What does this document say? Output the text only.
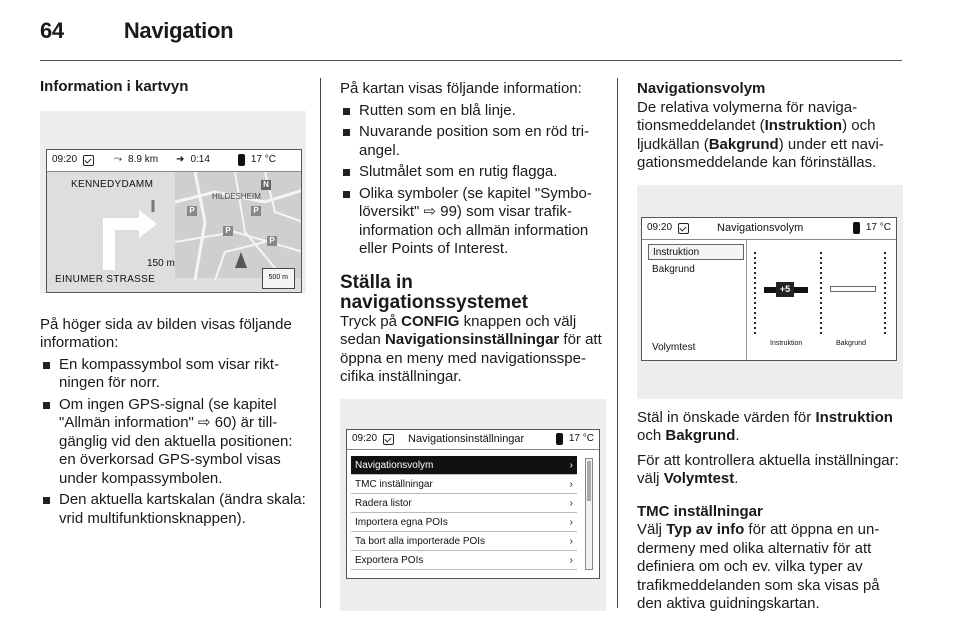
64	Navigation
Information i kartvyn
09:20	⤳ 8.9 km ➜ 0:14	17 °C
HILDESHEIM
P
P
P
P
N
KENNEDYDAMM
150 m
EINUMER STRASSE	500 m

På höger sida av bilden visas följande information:

En kompassymbol som visar riktningen för norr.
Om ingen GPS-signal (se kapitel "Allmän information" ⇨ 60) är tillgänglig vid den aktuella positionen: en överkorsad GPS-symbol visas under kompassymbolen.
Den aktuella kartskalan (ändra skala: vrid multifunktionsknappen).

På kartan visas följande information:

Rutten som en blå linje.
Nuvarande position som en röd triangel.
Slutmålet som en rutig flagga.
Olika symboler (se kapitel "Symbolöversikt" ⇨ 99) som visar trafikinformation och allmän information eller Points of Interest.
Ställa in navigationssystemet

Tryck på CONFIG knappen och välj sedan Navigationsinställningar för att öppna en meny med navigationsspecifika inställningar.

09:20	Navigationsinställningar	17 °C
Navigationsvolym	›
TMC inställningar	›
Radera listor	›
Importera egna POIs	›
Ta bort alla importerade POIs	›
Exportera POIs	›
Navigationsvolym

De relativa volymerna för navigationsmeddelandet (Instruktion) och ljudkällan (Bakgrund) under ett navigationsmeddelande kan förinställas.

09:20	Navigationsvolym	17 °C
Instruktion
Bakgrund
Volymtest
+5
Instruktion	Bakgrund

Stäl in önskade värden för Instruktion och Bakgrund.

För att kontrollera aktuella inställningar: välj Volymtest.

TMC inställningar

Välj Typ av info för att öppna en undermeny med olika alternativ för att definiera om och ev. vilka typer av trafikmeddelanden som ska visas på den aktiva guidningskartan.
